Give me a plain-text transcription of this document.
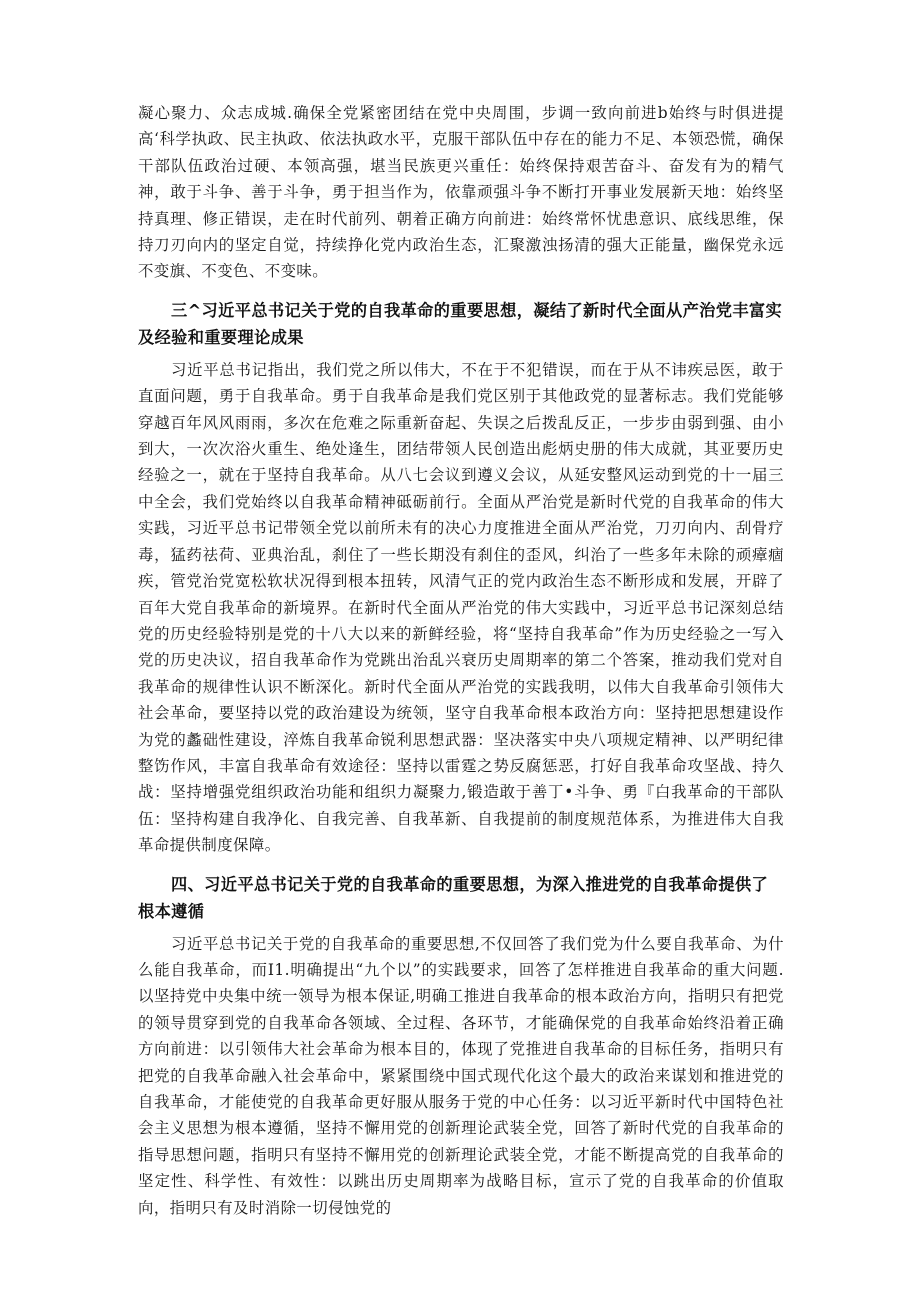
凝心聚力、众志成城.确保全党紧密团结在党中央周围，步调一致向前进b始终与时俱进提高‘科学执政、民主执政、依法执政水平，克服干部队伍中存在的能力不足、本领恐慌，确保干部队伍政治过硬、本领高强，堪当民族更兴重任：始终保持艰苦奋斗、奋发有为的精气神，敢于斗争、善于斗争，勇于担当作为，依靠顽强斗争不断打开事业发展新天地：始终坚持真理、修正错误，走在时代前列、朝着正确方向前进：始终常怀忧患意识、底线思维，保持刀刃向内的坚定自觉，持续挣化党内政治生态，汇聚激浊扬清的强大正能量，幽保党永远不变旗、不变色、不变味。

三^习近平总书记关于党的自我革命的重要思想，凝结了新时代全面从产治党丰富实及经验和重要理论成果

习近平总书记指出，我们党之所以伟大，不在于不犯错误，而在于从不讳疾忌医，敢于直面问题，勇于自我革命。勇于自我革命是我们党区别于其他政党的显著标志。我们党能够穿越百年风风雨雨，多次在危难之际重新奋起、失误之后拨乱反正，一步步由弱到强、由小到大，一次次浴火重生、绝处逢生，团结带领人民创造出彪炳史册的伟大成就，其亚要历史经验之一，就在于坚持自我革命。从八七会议到遵义会议，从延安整风运动到党的十一届三中全会，我们党始终以自我革命精神砥砺前行。全面从严治党是新时代党的自我革命的伟大实践，习近平总书记带领全党以前所未有的决心力度推进全面从严治党，刀刃向内、刮骨疗毒，猛药祛荷、亚典治乱，刹住了一些长期没有刹住的歪风，纠治了一些多年未除的顽瘴痼疾，管党治党宽松软状况得到根本扭转，风清气正的党内政治生态不断形成和发展，开辟了百年大党自我革命的新境界。在新时代全面从严治党的伟大实践中，习近平总书记深刻总结党的历史经验特别是党的十八大以来的新鲜经验，将“坚持自我革命”作为历史经验之一写入党的历史决议，招自我革命作为党跳出治乱兴衰历史周期率的第二个答案，推动我们党对自我革命的规律性认识不断深化。新时代全面从严治党的实践我明，以伟大自我革命引领伟大社会革命，要坚持以党的政治建设为统领，坚守自我革命根本政治方向：坚持把思想建设作为党的蠡础性建设，淬炼自我革命锐利思想武器：坚决落实中央八项规定精神、以严明纪律整饬作风，丰富自我革命有效途径：坚持以雷霆之势反腐惩恶，打好自我革命攻坚战、持久战：坚持增强党组织政治功能和组织力凝聚力,锻造敢于善丁•斗争、勇『白我革命的干部队伍：坚持构建自我净化、自我完善、自我革新、自我提前的制度规范体系，为推进伟大自我革命提供制度保障。

四、习近平总书记关于党的自我革命的重要思想，为深入推进党的自我革命提供了根本遵循

习近平总书记关于党的自我革命的重要思想,不仅回答了我们党为什么要自我革命、为什么能自我革命，而I1.明确提出“九个以”的实践要求，回答了怎样推进自我革命的重大问题.以坚持党中央集中统一领导为根本保证,明确工推进自我革命的根本政治方向，指明只有把党的领导贯穿到党的自我革命各领域、全过程、各环节，才能确保党的自我革命始终沿着正确方向前进：以引领伟大社会革命为根本目的，体现了党推进自我革命的目标任务，指明只有把党的自我革命融入社会革命中，紧紧围绕中国式现代化这个最大的政治来谋划和推进党的自我革命，才能使党的自我革命更好服从服务于党的中心任务：以习近平新时代中国特色社会主义思想为根本遵循，坚持不懈用党的创新理论武装全党，回答了新时代党的自我革命的指导思想问题，指明只有坚持不懈用党的创新理论武装全党，才能不断提高党的自我革命的坚定性、科学性、有效性：以跳出历史周期率为战略目标，宣示了党的自我革命的价值取向，指明只有及时消除一切侵蚀党的
